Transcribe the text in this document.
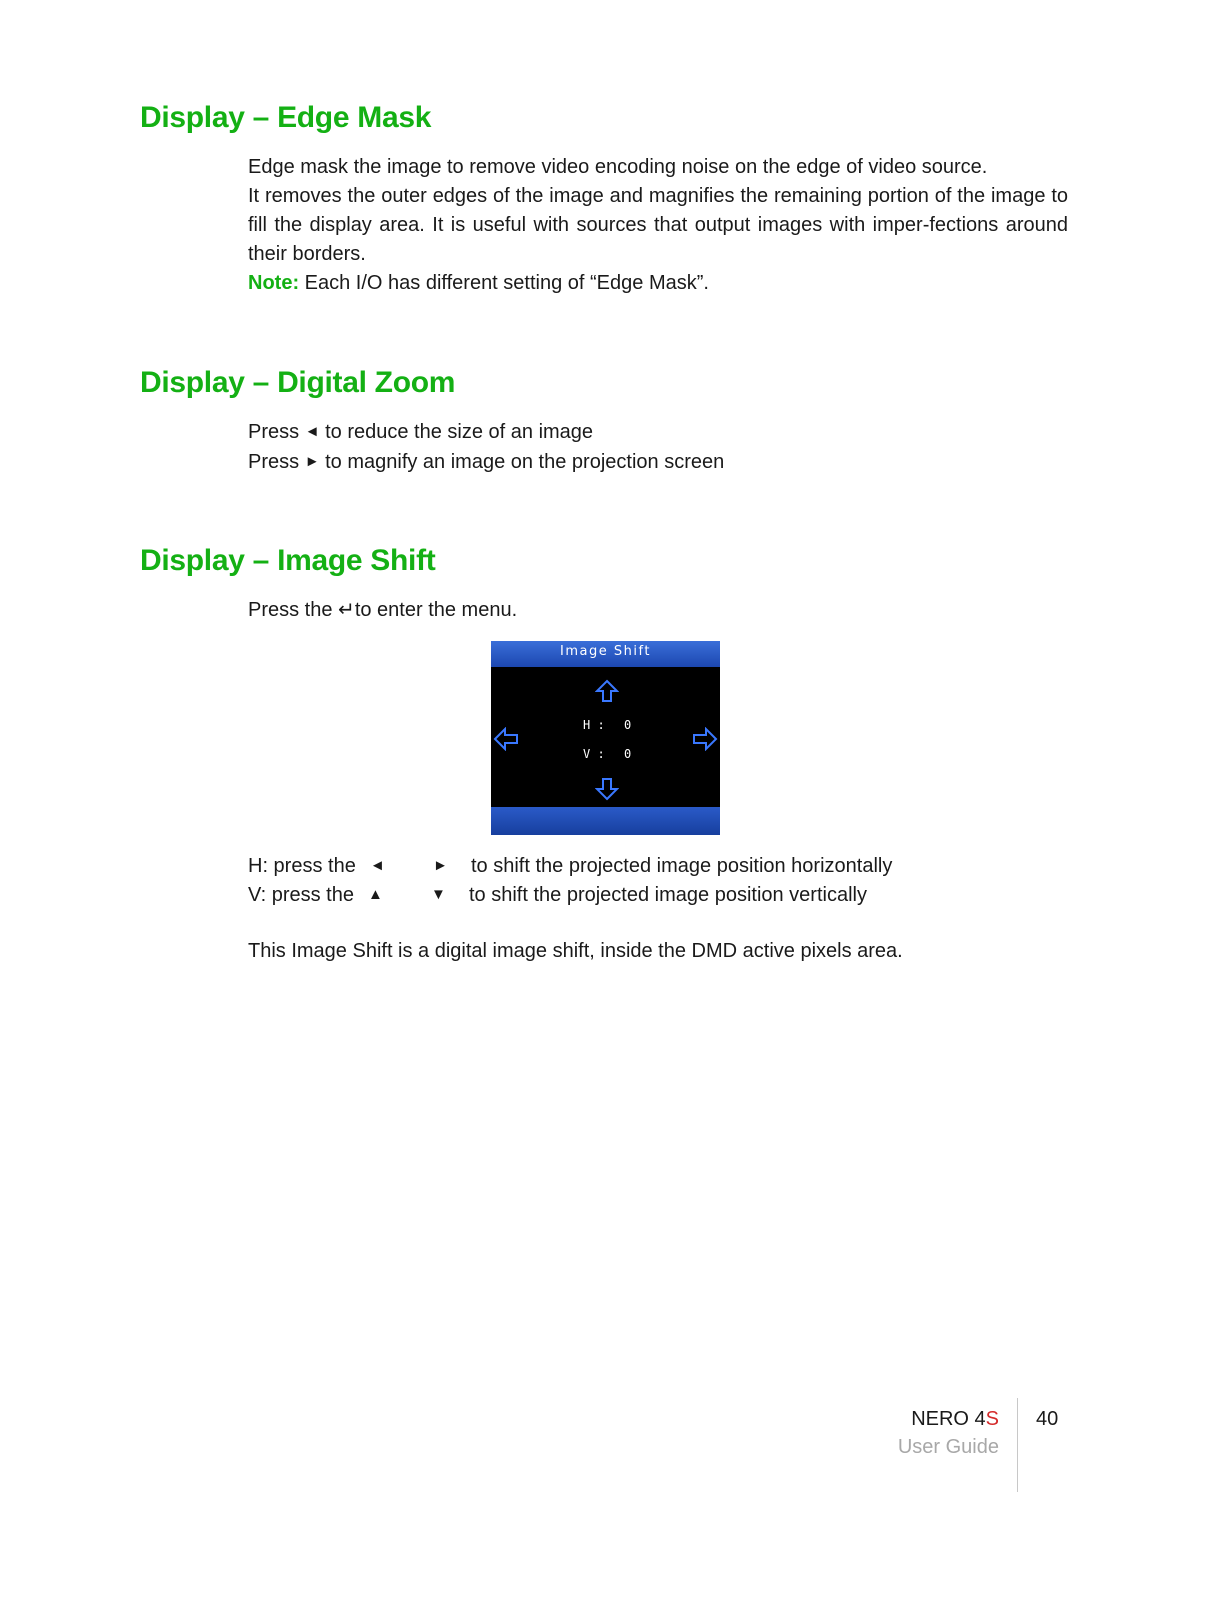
Display – Edge Mask

Edge mask the image to remove video encoding noise on the edge of video source.

It removes the outer edges of the image and magnifies the remaining portion of the image to fill the display area. It is useful with sources that output images with imper-fections around their borders.

Note: Each I/O has different setting of “Edge Mask”.

Display – Digital Zoom

Press ◄ to reduce the size of an image

Press ► to magnify an image on the projection screen

Display – Image Shift

Press the ↵to enter the menu.

Image Shift
H : 0
V : 0
H: press the ◄	► to shift the projected image position horizontally
V: press the ▲	▼ to shift the projected image position vertically

This Image Shift is a digital image shift, inside the DMD active pixels area.

NERO 4S
User Guide
40
